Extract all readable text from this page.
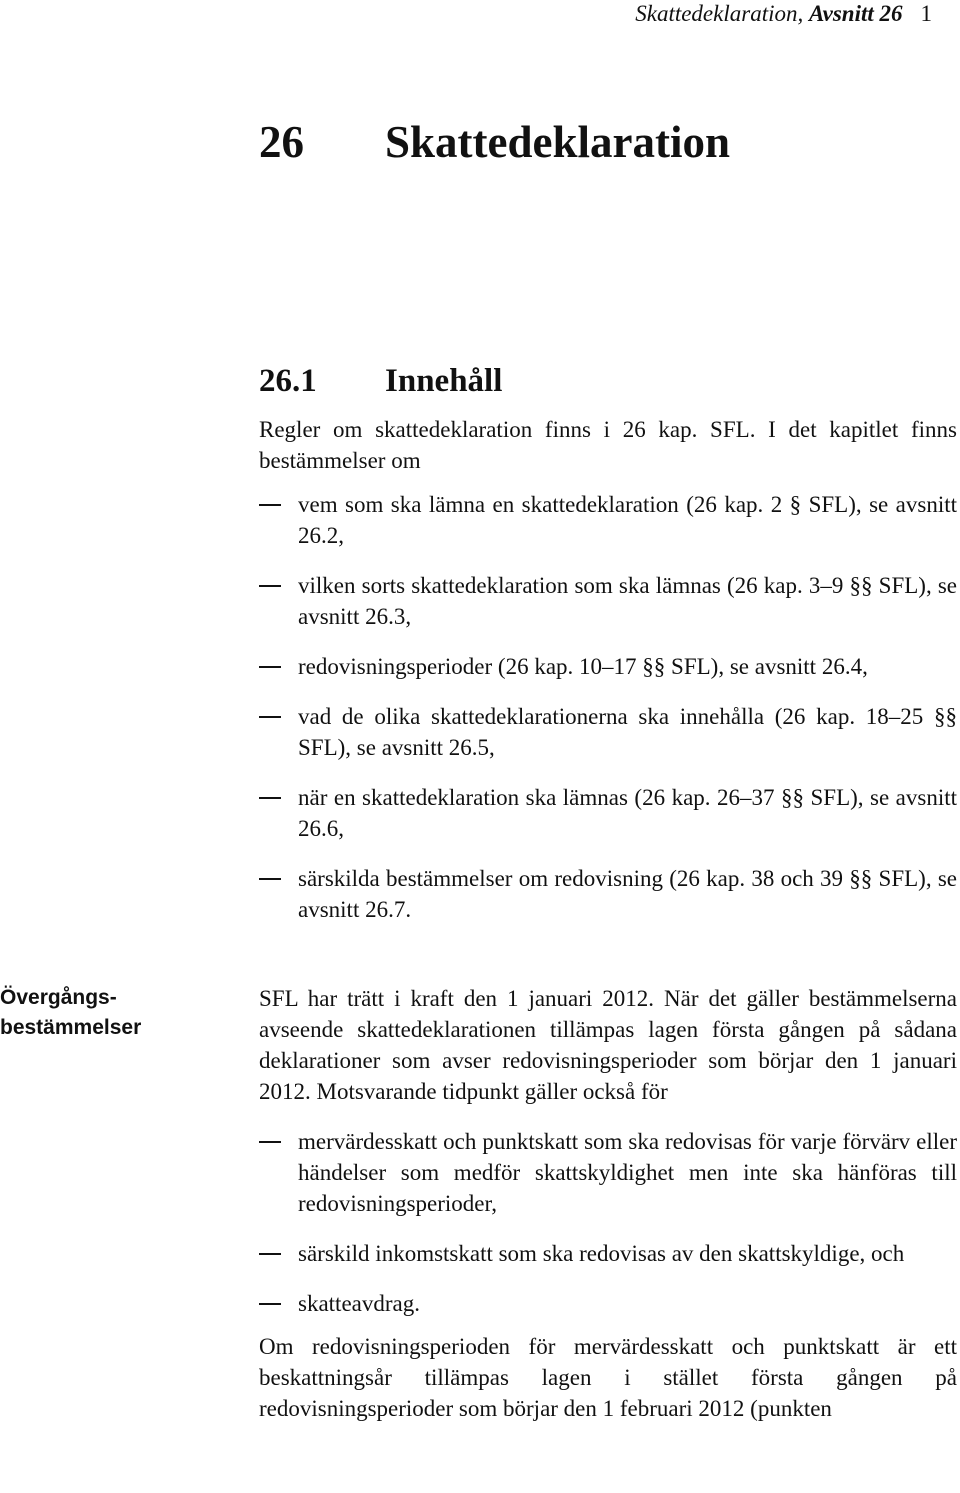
Skattedeklaration, Avsnitt 26 1
26 Skattedeklaration
26.1 Innehåll

Regler om skattedeklaration finns i 26 kap. SFL. I det kapitlet finns bestämmelser om

vem som ska lämna en skattedeklaration (26 kap. 2 § SFL), se avsnitt 26.2,
vilken sorts skattedeklaration som ska lämnas (26 kap. 3–9 §§ SFL), se avsnitt 26.3,
redovisningsperioder (26 kap. 10–17 §§ SFL), se avsnitt 26.4,
vad de olika skattedeklarationerna ska innehålla (26 kap. 18–25 §§ SFL), se avsnitt 26.5,
när en skattedeklaration ska lämnas (26 kap. 26–37 §§ SFL), se avsnitt 26.6,
särskilda bestämmelser om redovisning (26 kap. 38 och 39 §§ SFL), se avsnitt 26.7.
Övergångs-
bestämmelser

SFL har trätt i kraft den 1 januari 2012. När det gäller bestämmelserna avseende skattedeklarationen tillämpas lagen första gången på sådana deklarationer som avser redovisningsperioder som börjar den 1 januari 2012. Motsvarande tidpunkt gäller också för

mervärdesskatt och punktskatt som ska redovisas för varje förvärv eller händelser som medför skattskyldighet men inte ska hänföras till redovisningsperioder,
särskild inkomstskatt som ska redovisas av den skattskyldige, och
skatteavdrag.

Om redovisningsperioden för mervärdesskatt och punktskatt är ett beskattningsår tillämpas lagen i stället första gången på redovisningsperioder som börjar den 1 februari 2012 (punkten
